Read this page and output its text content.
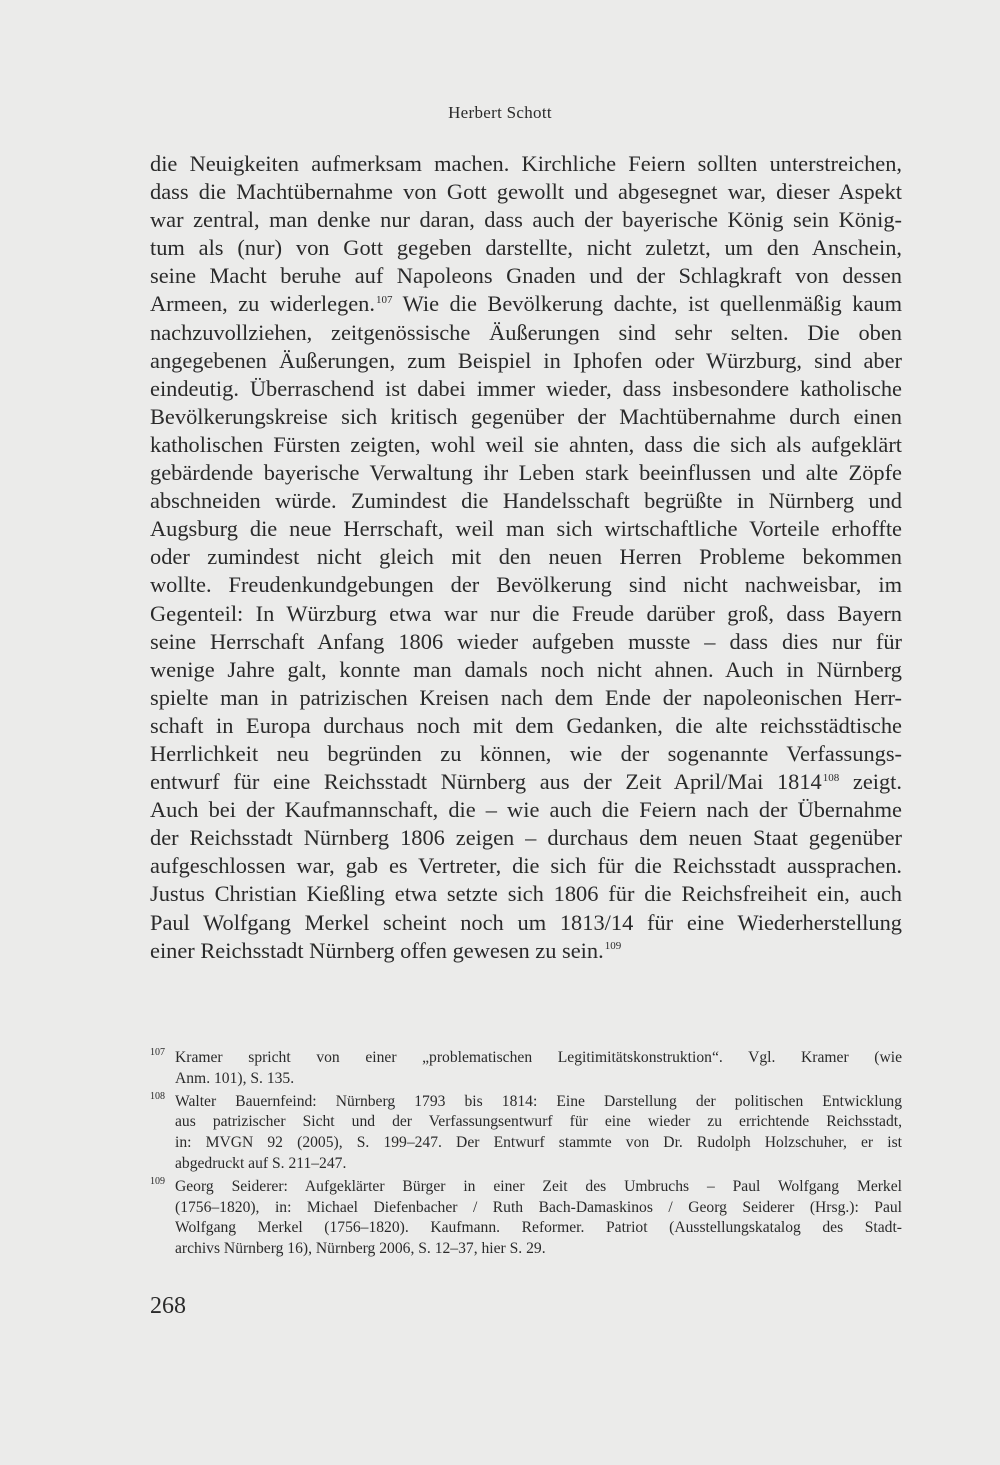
Herbert Schott
die Neuigkeiten aufmerksam machen. Kirchliche Feiern sollten unterstreichen,
dass die Machtübernahme von Gott gewollt und abgesegnet war, dieser Aspekt
war zentral, man denke nur daran, dass auch der bayerische König sein König-
tum als (nur) von Gott gegeben darstellte, nicht zuletzt, um den Anschein,
seine Macht beruhe auf Napoleons Gnaden und der Schlagkraft von dessen
Armeen, zu widerlegen.$^{107}$ Wie die Bevölkerung dachte, ist quellenmäßig kaum
nachzuvollziehen, zeitgenössische Äußerungen sind sehr selten. Die oben
angegebenen Äußerungen, zum Beispiel in Iphofen oder Würzburg, sind aber
eindeutig. Überraschend ist dabei immer wieder, dass insbesondere katholische
Bevölkerungskreise sich kritisch gegenüber der Machtübernahme durch einen
katholischen Fürsten zeigten, wohl weil sie ahnten, dass die sich als aufgeklärt
gebärdende bayerische Verwaltung ihr Leben stark beeinflussen und alte Zöpfe
abschneiden würde. Zumindest die Handelsschaft begrüßte in Nürnberg und
Augsburg die neue Herrschaft, weil man sich wirtschaftliche Vorteile erhoffte
oder zumindest nicht gleich mit den neuen Herren Probleme bekommen
wollte. Freudenkundgebungen der Bevölkerung sind nicht nachweisbar, im
Gegenteil: In Würzburg etwa war nur die Freude darüber groß, dass Bayern
seine Herrschaft Anfang 1806 wieder aufgeben musste – dass dies nur für
wenige Jahre galt, konnte man damals noch nicht ahnen. Auch in Nürnberg
spielte man in patrizischen Kreisen nach dem Ende der napoleonischen Herr-
schaft in Europa durchaus noch mit dem Gedanken, die alte reichsstädtische
Herrlichkeit neu begründen zu können, wie der sogenannte Verfassungs-
entwurf für eine Reichsstadt Nürnberg aus der Zeit April/Mai 1814$^{108}$ zeigt.
Auch bei der Kaufmannschaft, die – wie auch die Feiern nach der Übernahme
der Reichsstadt Nürnberg 1806 zeigen – durchaus dem neuen Staat gegenüber
aufgeschlossen war, gab es Vertreter, die sich für die Reichsstadt aussprachen.
Justus Christian Kießling etwa setzte sich 1806 für die Reichsfreiheit ein, auch
Paul Wolfgang Merkel scheint noch um 1813/14 für eine Wiederherstellung
einer Reichsstadt Nürnberg offen gewesen zu sein.$^{109}$
107 Kramer spricht von einer „problematischen Legitimitätskonstruktion“. Vgl. Kramer (wie
Anm. 101), S. 135.
108 Walter Bauernfeind: Nürnberg 1793 bis 1814: Eine Darstellung der politischen Entwicklung
aus patrizischer Sicht und der Verfassungsentwurf für eine wieder zu errichtende Reichsstadt,
in: MVGN 92 (2005), S. 199–247. Der Entwurf stammte von Dr. Rudolph Holzschuher, er ist
abgedruckt auf S. 211–247.
109 Georg Seiderer: Aufgeklärter Bürger in einer Zeit des Umbruchs – Paul Wolfgang Merkel
(1756–1820), in: Michael Diefenbacher / Ruth Bach-Damaskinos / Georg Seiderer (Hrsg.): Paul
Wolfgang Merkel (1756–1820). Kaufmann. Reformer. Patriot (Ausstellungskatalog des Stadt-
archivs Nürnberg 16), Nürnberg 2006, S. 12–37, hier S. 29.
268
